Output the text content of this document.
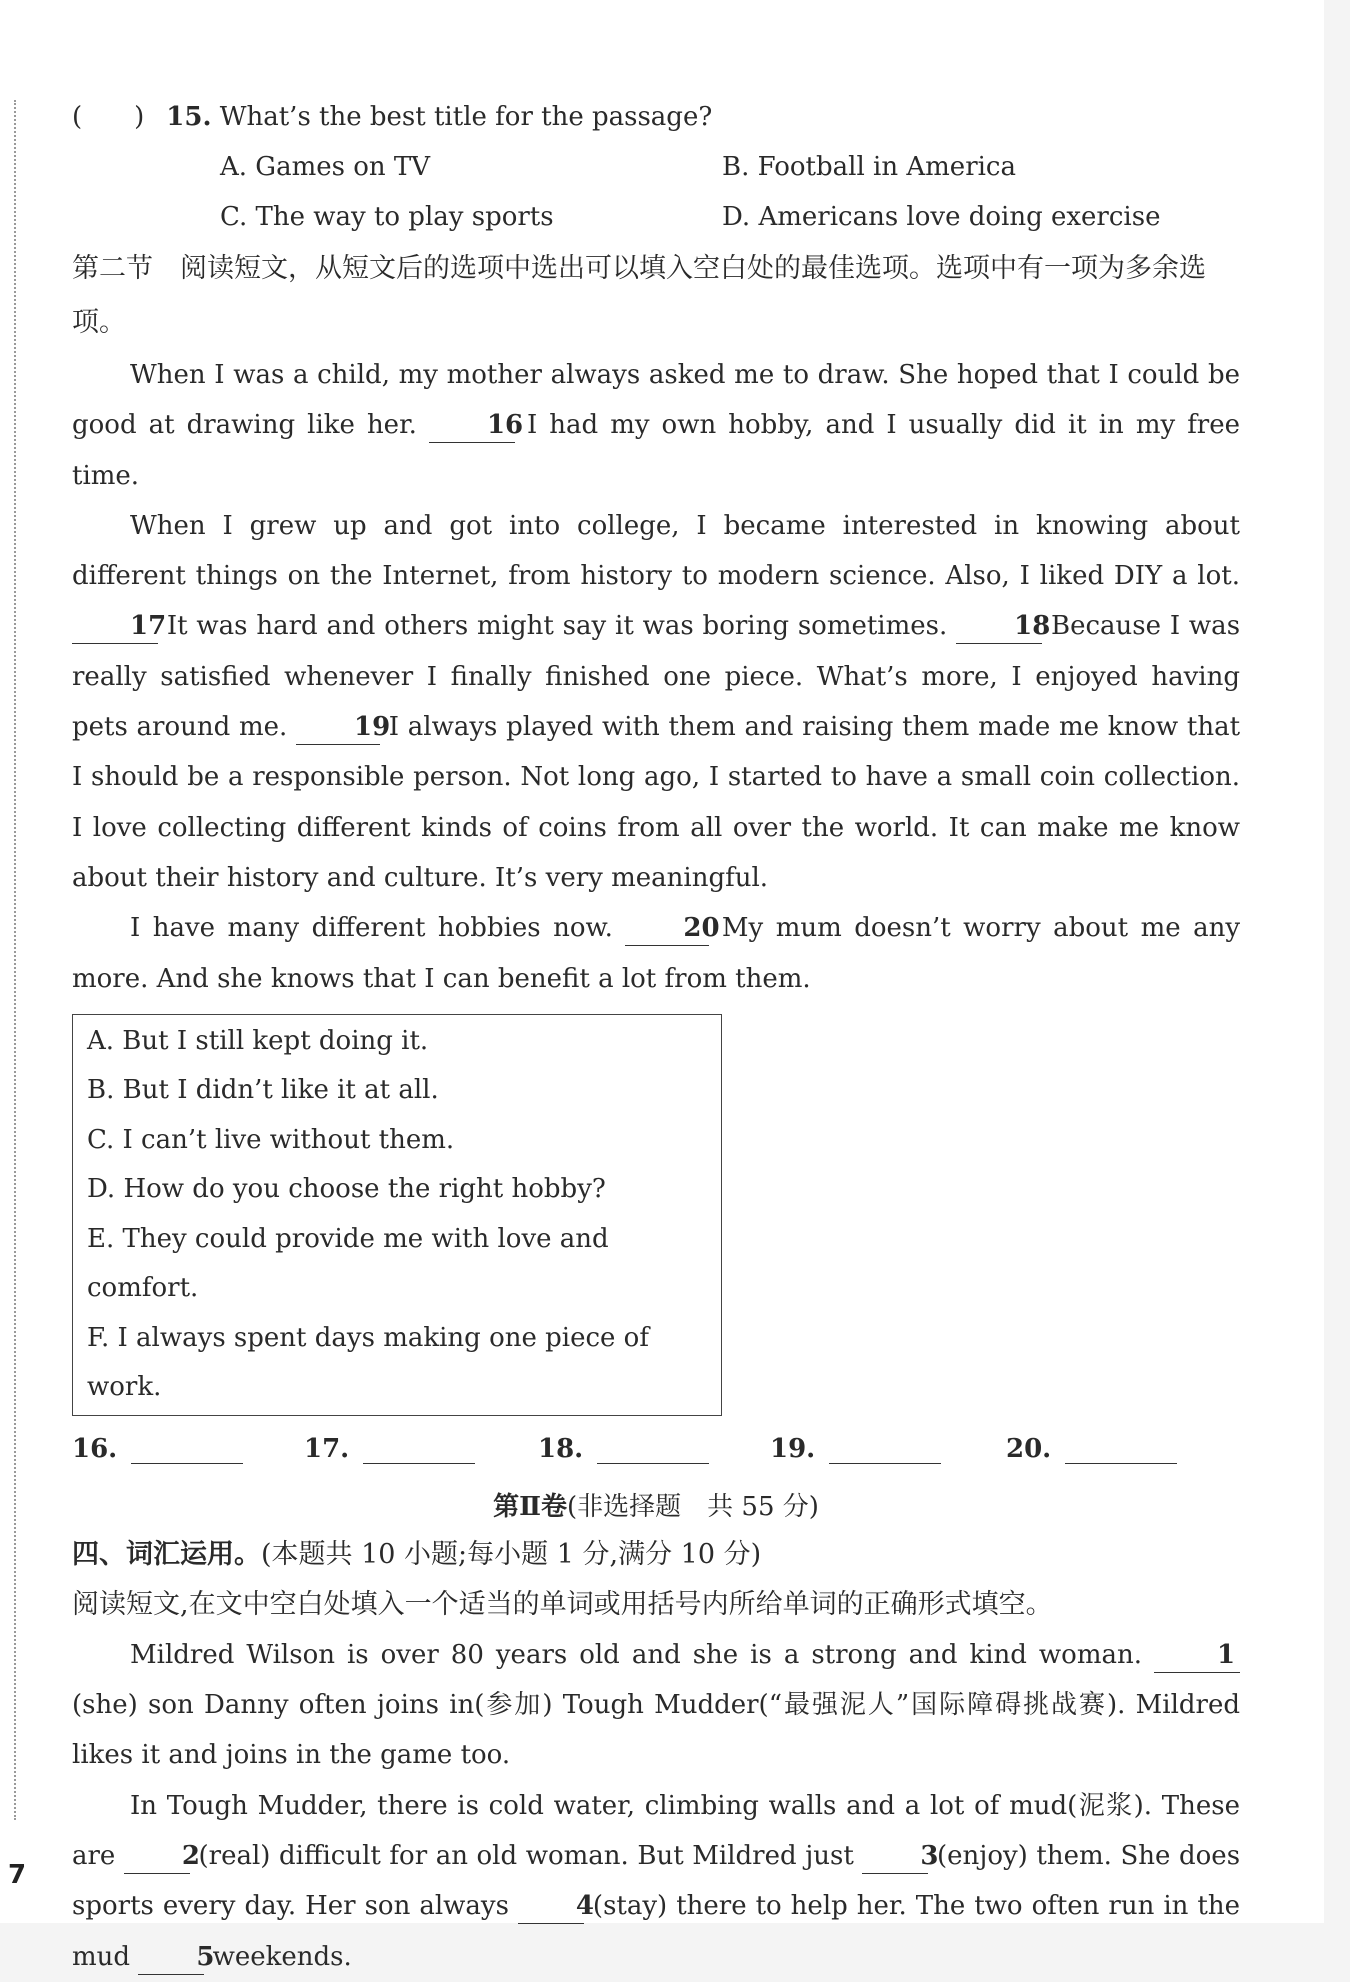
( ) 15. What’s the best title for the passage?
A. Games on TV	B. Football in America
C. The way to play sports	D. Americans love doing exercise
第二节　阅读短文，从短文后的选项中选出可以填入空白处的最佳选项。选项中有一项为多余选项。
When I was a child, my mother always asked me to draw. She hoped that I could be good at drawing like her.	16 I had my own hobby, and I usually did it in my free time.
When I grew up and got into college, I became interested in knowing about different things on the Internet, from history to modern science. Also, I liked DIY a lot. 17 It was hard and others might say it was boring sometimes.	18 Because I was really satisfied whenever I finally finished one piece. What’s more, I enjoyed having pets around me.	19 I always played with them and raising them made me know that I should be a responsible person. Not long ago, I started to have a small coin collection. I love collecting different kinds of coins from all over the world. It can make me know about their history and culture. It’s very meaningful.
I have many different hobbies now.	20 My mum doesn’t worry about me any more. And she knows that I can benefit a lot from them.
A. But I still kept doing it.
B. But I didn’t like it at all.
C. I can’t live without them.
D. How do you choose the right hobby?
E. They could provide me with love and comfort.
F. I always spent days making one piece of work.
16.	17.	18.	19.	20.
第Ⅱ卷(非选择题　共 55 分)
四、词汇运用。(本题共 10 小题;每小题 1 分,满分 10 分)
阅读短文,在文中空白处填入一个适当的单词或用括号内所给单词的正确形式填空。
Mildred Wilson is over 80 years old and she is a strong and kind woman.	1 (she) son Danny often joins in(参加) Tough Mudder(“最强泥人”国际障碍挑战赛). Mildred likes it and joins in the game too.
In Tough Mudder, there is cold water, climbing walls and a lot of mud(泥浆). These are	2 (real) difficult for an old woman. But Mildred just	3 (enjoy) them. She does sports every day. Her son always	4 (stay) there to help her. The two often run in the mud	5 weekends.
7
